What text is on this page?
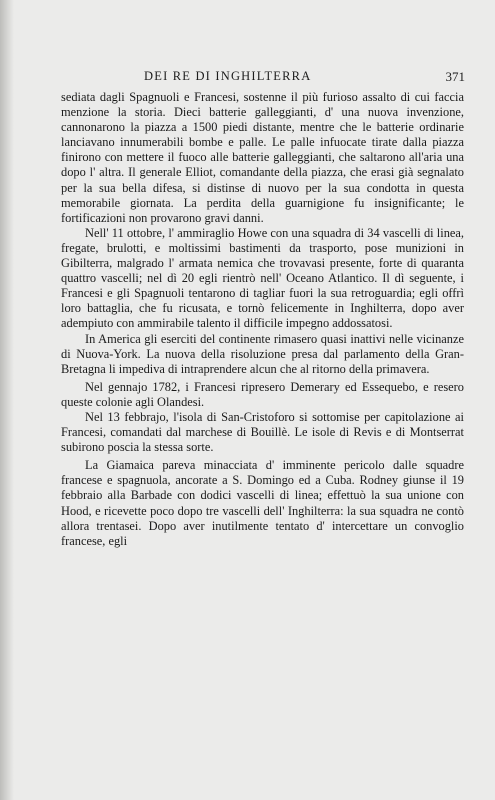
DEI RE DI INGHILTERRA	371

sediata dagli Spagnuoli e Francesi, sostenne il più furioso assalto di cui faccia menzione la storia. Dieci batterie galleggianti, d' una nuova invenzione, cannonarono la piazza a 1500 piedi distante, mentre che le batterie ordinarie lanciavano innumerabili bombe e palle. Le palle infuocate tirate dalla piazza finirono con mettere il fuoco alle batterie galleggianti, che saltarono all'aria una dopo l' altra. Il generale Elliot, comandante della piazza, che erasi già segnalato per la sua bella difesa, si distinse di nuovo per la sua condotta in questa memorabile giornata. La perdita della guarnigione fu insignificante; le fortificazioni non provarono gravi danni.

Nell' 11 ottobre, l' ammiraglio Howe con una squadra di 34 vascelli di linea, fregate, brulotti, e moltissimi bastimenti da trasporto, pose munizioni in Gibilterra, malgrado l' armata nemica che trovavasi presente, forte di quaranta quattro vascelli; nel dì 20 egli rientrò nell' Oceano Atlantico. Il dì seguente, i Francesi e gli Spagnuoli tentarono di tagliar fuori la sua retroguardia; egli offrì loro battaglia, che fu ricusata, e tornò felicemente in Inghilterra, dopo aver adempiuto con ammirabile talento il difficile impegno addossatosi.

In America gli eserciti del continente rimasero quasi inattivi nelle vicinanze di Nuova-York. La nuova della risoluzione presa dal parlamento della Gran-Bretagna li impediva di intraprendere alcun che al ritorno della primavera.

Nel gennajo 1782, i Francesi ripresero Demerary ed Essequebo, e resero queste colonie agli Olandesi.

Nel 13 febbrajo, l'isola di San-Cristoforo si sottomise per capitolazione ai Francesi, comandati dal marchese di Bouillè. Le isole di Revis e di Montserrat subirono poscia la stessa sorte.

La Giamaica pareva minacciata d' imminente pericolo dalle squadre francese e spagnuola, ancorate a S. Domingo ed a Cuba. Rodney giunse il 19 febbraio alla Barbade con dodici vascelli di linea; effettuò la sua unione con Hood, e ricevette poco dopo tre vascelli dell' Inghilterra: la sua squadra ne contò allora trentasei. Dopo aver inutilmente tentato d' intercettare un convoglio francese, egli
